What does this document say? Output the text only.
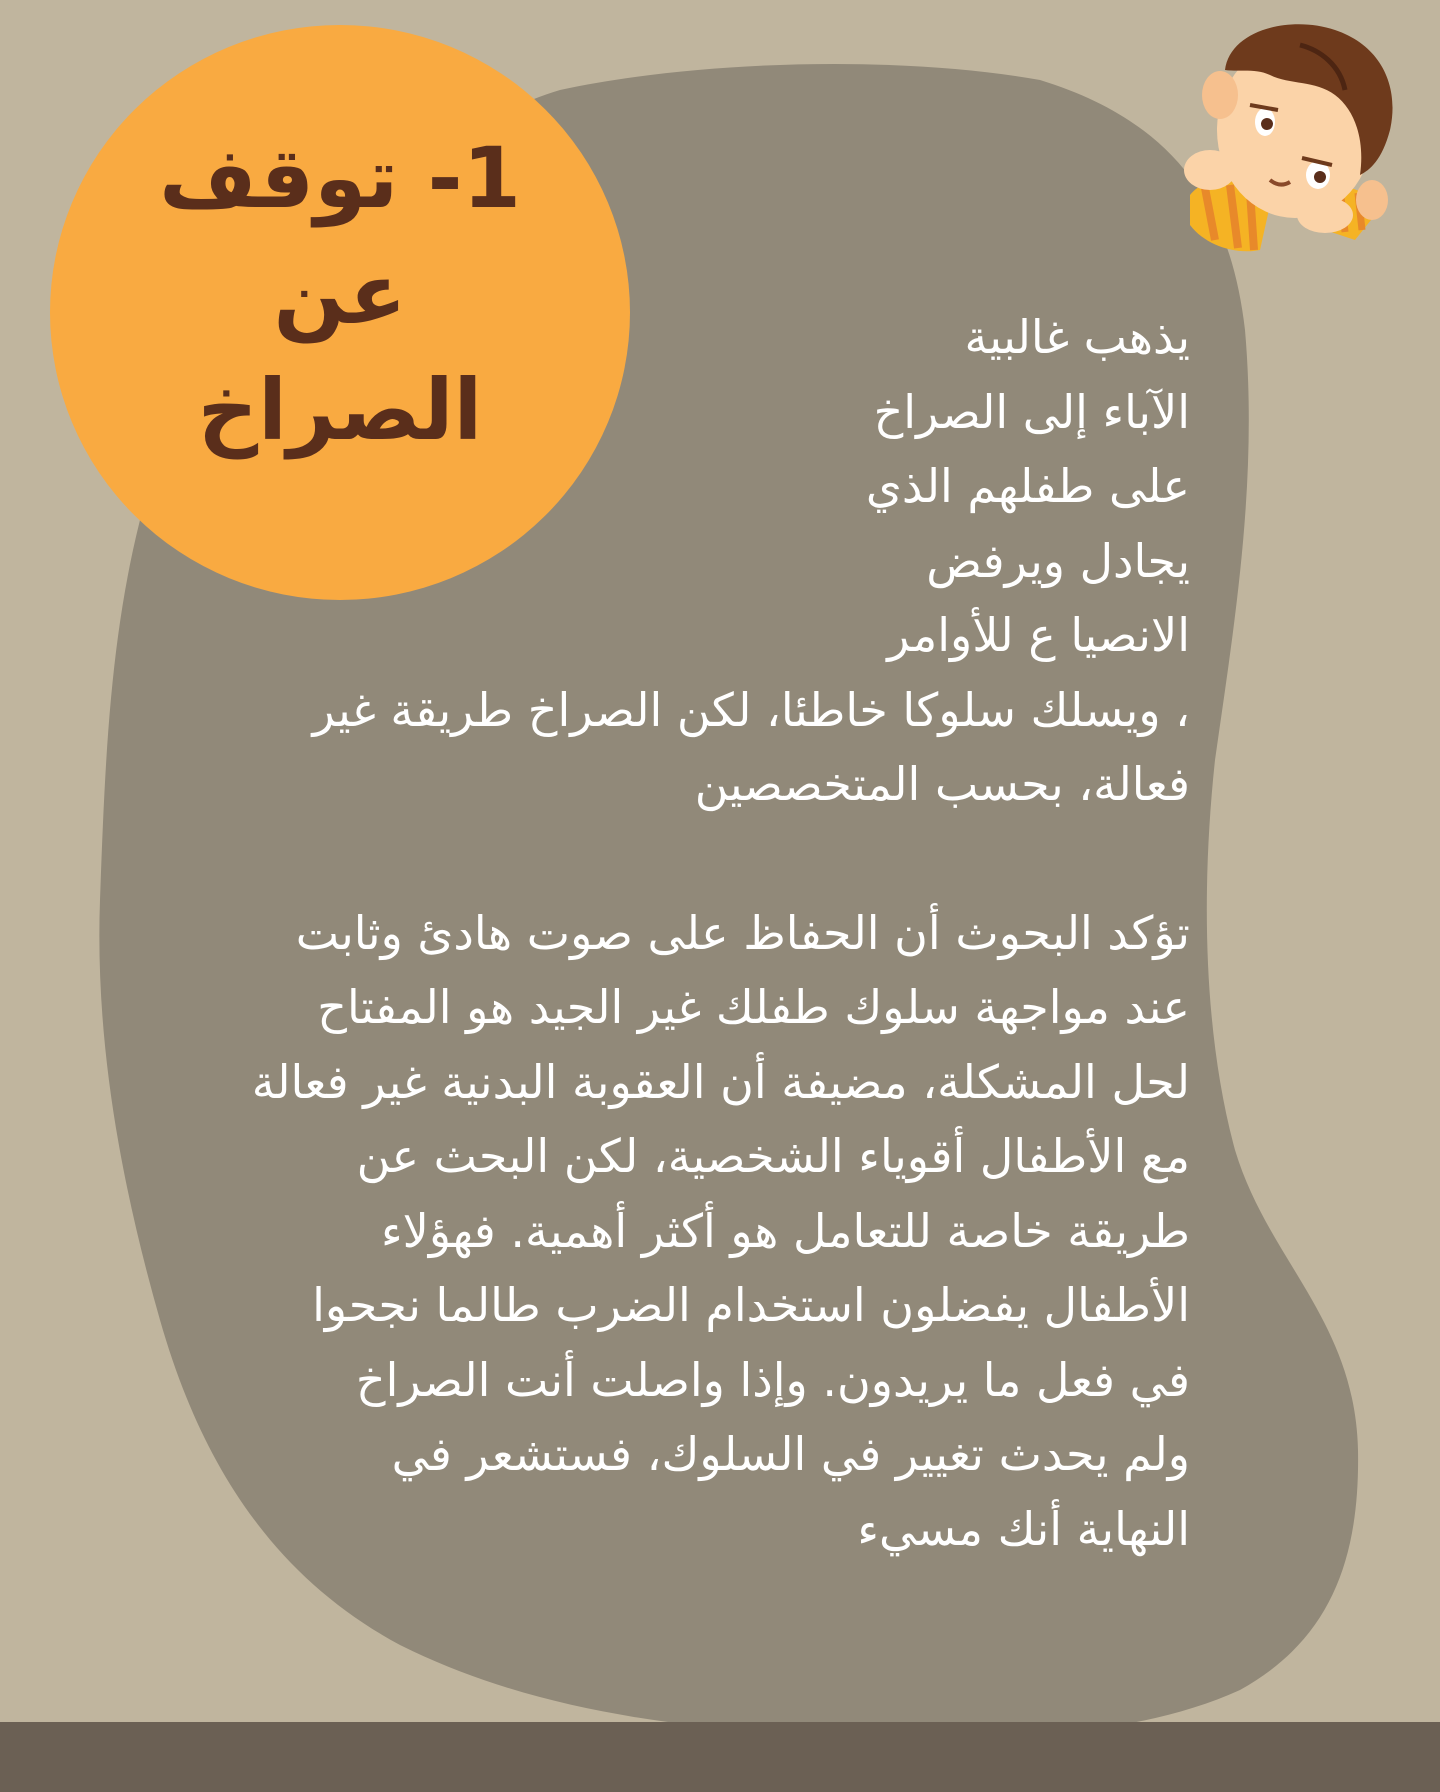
1- توقف
عن
الصراخ
يذهب غالبية
الآباء إلى الصراخ
على طفلهم الذي
يجادل ويرفض
الانصيا ع للأوامر
، ويسلك سلوكا خاطئا، لكن الصراخ طريقة غير
فعالة، بحسب المتخصصين
تؤكد البحوث أن الحفاظ على صوت هادئ وثابت
عند مواجهة سلوك طفلك غير الجيد هو المفتاح
لحل المشكلة، مضيفة أن العقوبة البدنية غير فعالة
مع الأطفال أقوياء الشخصية، لكن البحث عن
طريقة خاصة للتعامل هو أكثر أهمية. فهؤلاء
الأطفال يفضلون استخدام الضرب طالما نجحوا
في فعل ما يريدون. وإذا واصلت أنت الصراخ
ولم يحدث تغيير في السلوك، فستشعر في
النهاية أنك مسيء
